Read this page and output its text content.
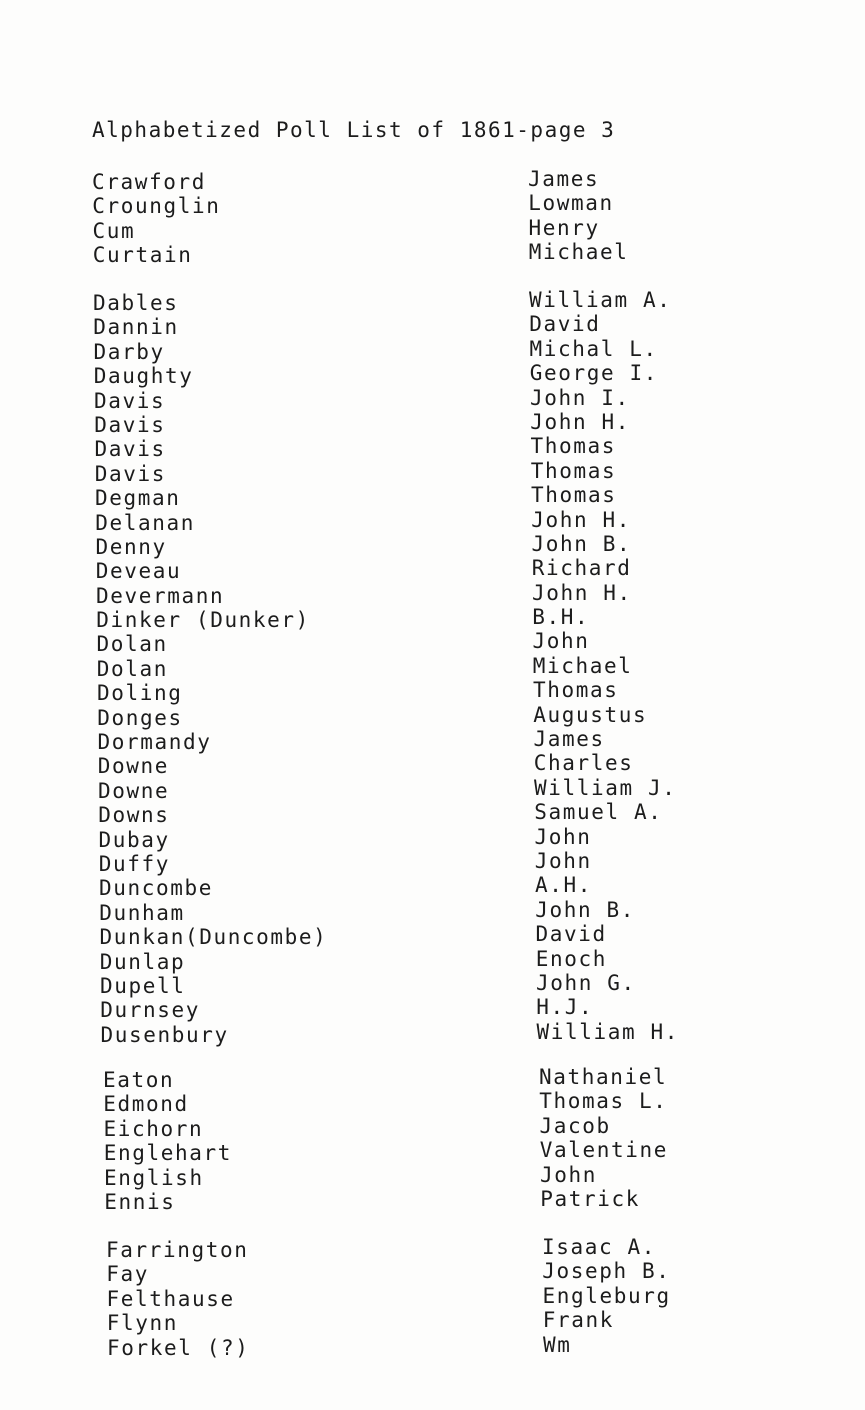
Alphabetized Poll List of 1861-page 3
Crawford	James
Crounglin	Lowman
Cum	Henry
Curtain	Michael
Dables	William A.
Dannin	David
Darby	Michal L.
Daughty	George I.
Davis	John I.
Davis	John H.
Davis	Thomas
Davis	Thomas
Degman	Thomas
Delanan	John H.
Denny	John B.
Deveau	Richard
Devermann	John H.
Dinker (Dunker)	B.H.
Dolan	John
Dolan	Michael
Doling	Thomas
Donges	Augustus
Dormandy	James
Downe	Charles
Downe	William J.
Downs	Samuel A.
Dubay	John
Duffy	John
Duncombe	A.H.
Dunham	John B.
Dunkan(Duncombe)	David
Dunlap	Enoch
Dupell	John G.
Durnsey	H.J.
Dusenbury	William H.
Eaton	Nathaniel
Edmond	Thomas L.
Eichorn	Jacob
Englehart	Valentine
English	John
Ennis	Patrick
Farrington	Isaac A.
Fay	Joseph B.
Felthause	Engleburg
Flynn	Frank
Forkel (?)	Wm
